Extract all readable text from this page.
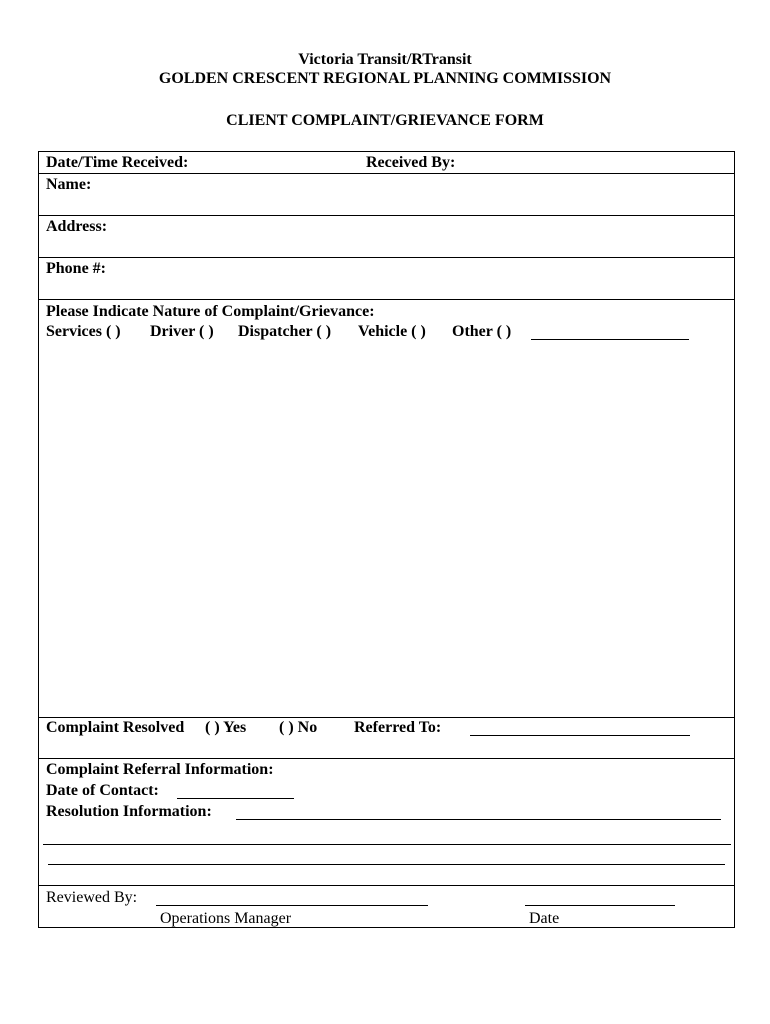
Victoria Transit/RTransit
GOLDEN CRESCENT REGIONAL PLANNING COMMISSION
CLIENT COMPLAINT/GRIEVANCE FORM
Date/Time Received:	Received By:
Name:
Address:
Phone #:
Please Indicate Nature of Complaint/Grievance:
Services ( ) Driver ( ) Dispatcher ( ) Vehicle ( ) Other ( )
Complaint Resolved ( ) Yes ( ) No Referred To:
Complaint Referral Information:
Date of Contact:
Resolution Information:
Reviewed By:
Operations Manager	Date
